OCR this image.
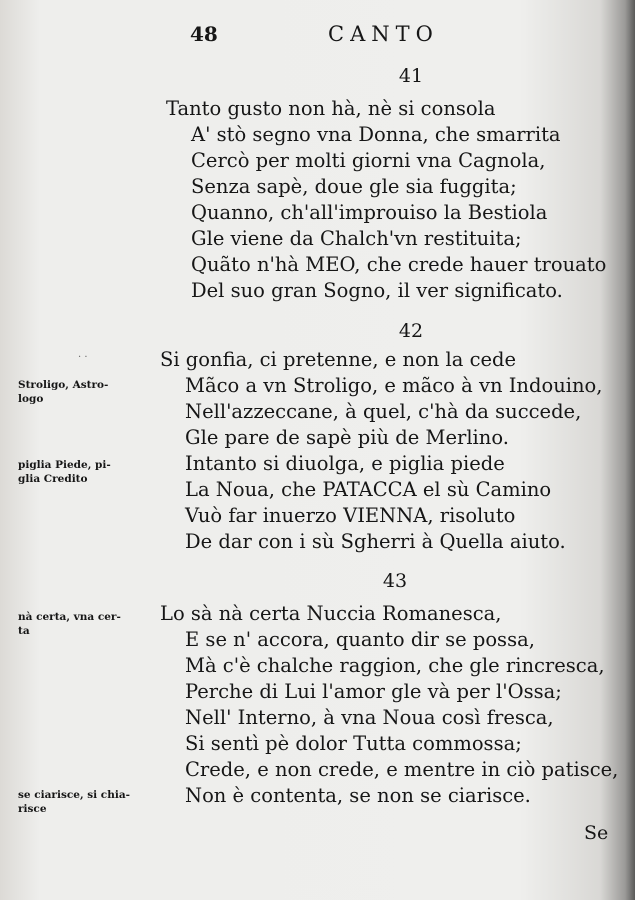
48	CANTO
41

Tanto gusto non hà, nè si consola
A' stò segno vna Donna, che smarrita
Cercò per molti giorni vna Cagnola,
Senza sapè, doue gle sia fuggita;
Quanno, ch'all'improuiso la Bestiola
Gle viene da Chalch'vn restituita;
Quãto n'hà MEO, che crede hauer trouato
Del suo gran Sogno, il ver significato.

42
· ·	Si gonfia, ci pretenne, e non la cede
Mãco a vn Stroligo, e mãco à vn Indouino,
Nell'azzeccane, à quel, c'hà da succede,
Gle pare de sapè più de Merlino.
Intanto si diuolga, e piglia piede
La Noua, che PATACCA el sù Camino
Vuò far inuerzo VIENNA, risoluto
De dar con i sù Sgherri à Quella aiuto.

43

Lo sà nà certa Nuccia Romanesca,
E se n' accora, quanto dir se possa,
Mà c'è chalche raggion, che gle rincresca,
Perche di Lui l'amor gle và per l'Ossa;
Nell' Interno, à vna Noua così fresca,
Si sentì pè dolor Tutta commossa;
Crede, e non crede, e mentre in ciò patisce,
Non è contenta, se non se ciarisce.

Stroligo, Astro-
logo
piglia Piede, pi-
glia Credito
nà certa, vna cer-
ta
se ciarisce, si chia-
risce
Se
